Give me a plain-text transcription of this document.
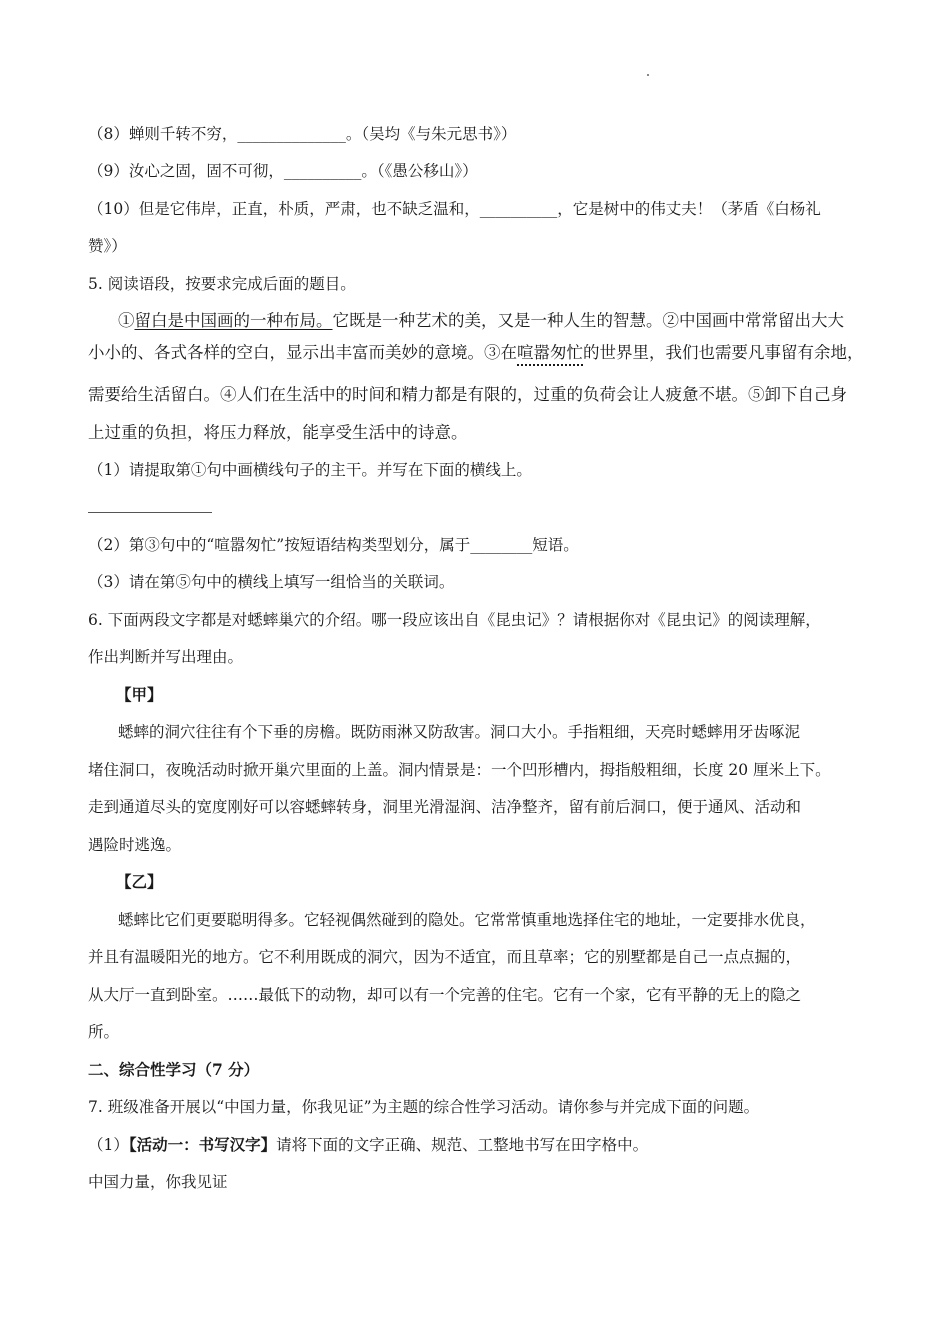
（8）蝉则千转不穷，______________。（吴均《与朱元思书》）
（9）汝心之固，固不可彻，__________。（《愚公移山》）
（10）但是它伟岸，正直，朴质，严肃，也不缺乏温和，__________，它是树中的伟丈夫！（茅盾《白杨礼
赞》）
5. 阅读语段，按要求完成后面的题目。
①留白是中国画的一种布局。它既是一种艺术的美，又是一种人生的智慧。②中国画中常常留出大大
小小的、各式各样的空白，显示出丰富而美妙的意境。③在喧嚣匆忙的世界里，我们也需要凡事留有余地，
需要给生活留白。④人们在生活中的时间和精力都是有限的，过重的负荷会让人疲惫不堪。⑤卸下自己身
上过重的负担，将压力释放，能享受生活中的诗意。
（1）请提取第①句中画横线句子的主干。并写在下面的横线上。
（2）第③句中的“喧嚣匆忙”按短语结构类型划分，属于________短语。
（3）请在第⑤句中的横线上填写一组恰当的关联词。
6. 下面两段文字都是对蟋蟀巢穴的介绍。哪一段应该出自《昆虫记》？请根据你对《昆虫记》的阅读理解，
作出判断并写出理由。
【甲】
蟋蟀的洞穴往往有个下垂的房檐。既防雨淋又防敌害。洞口大小。手指粗细，天亮时蟋蟀用牙齿啄泥
堵住洞口，夜晚活动时掀开巢穴里面的上盖。洞内情景是：一个凹形槽内，拇指般粗细，长度 20 厘米上下。
走到通道尽头的宽度刚好可以容蟋蟀转身，洞里光滑湿润、洁净整齐，留有前后洞口，便于通风、活动和
遇险时逃逸。
【乙】
蟋蟀比它们更要聪明得多。它轻视偶然碰到的隐处。它常常慎重地选择住宅的地址，一定要排水优良，
并且有温暖阳光的地方。它不利用既成的洞穴，因为不适宜，而且草率；它的别墅都是自己一点点掘的，
从大厅一直到卧室。……最低下的动物，却可以有一个完善的住宅。它有一个家，它有平静的无上的隐之
所。
二、综合性学习（7 分）
7. 班级准备开展以“中国力量，你我见证”为主题的综合性学习活动。请你参与并完成下面的问题。
（1）【活动一：书写汉字】请将下面的文字正确、规范、工整地书写在田字格中。
中国力量，你我见证
